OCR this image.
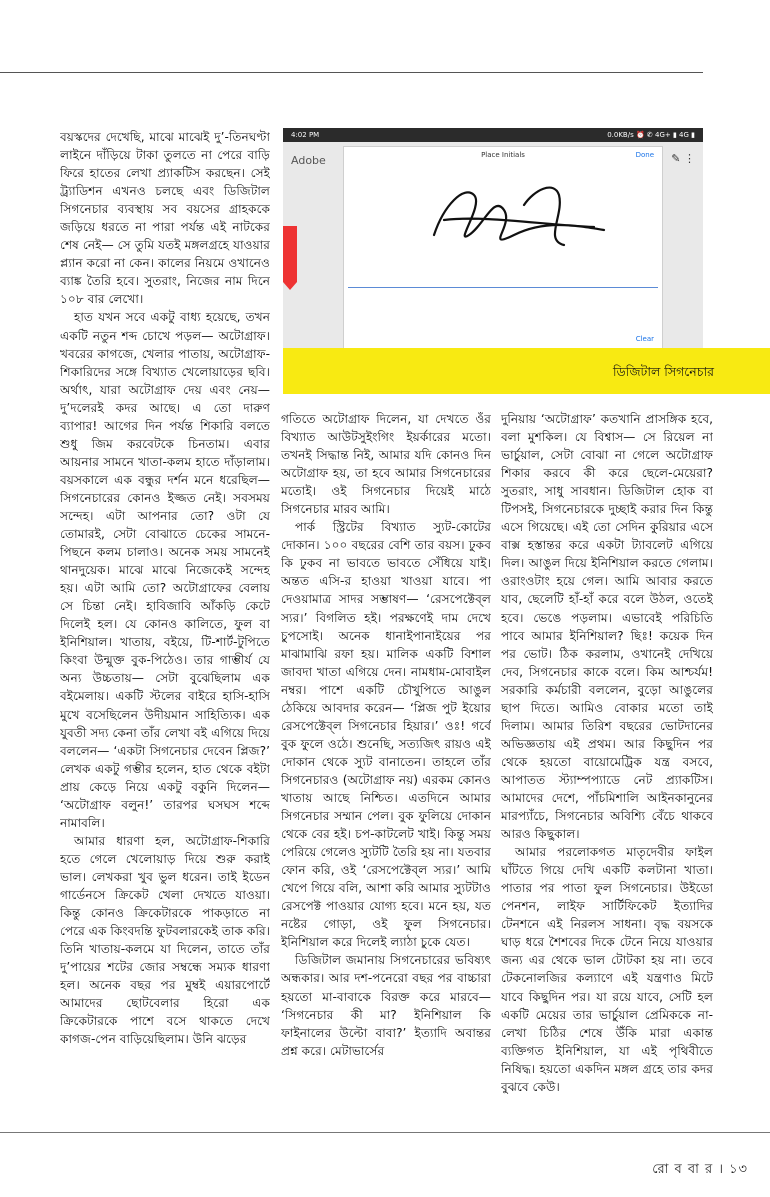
বয়স্কদের দেখেছি, মাঝে মাঝেই দু’-তিনঘণ্টা লাইনে দাঁড়িয়ে টাকা তুলতে না পেরে বাড়ি ফিরে হাতের লেখা প্র্যাকটিস করছেন। সেই ট্র্যাডিশন এখনও চলছে এবং ডিজিটাল সিগনেচার ব্যবস্থায় সব বয়সের গ্রাহককে জড়িয়ে ধরতে না পারা পর্যন্ত এই নাটকের শেষ নেই— সে তুমি যতই মঙ্গলগ্রহে যাওয়ার প্ল্যান করো না কেন। কালের নিয়মে ওখানেও ব্যাঙ্ক তৈরি হবে। সুতরাং, নিজের নাম দিনে ১০৮ বার লেখো।

হাত যখন সবে একটু বাধ্য হয়েছে, তখন একটি নতুন শব্দ চোখে পড়ল— অটোগ্রাফ। খবরের কাগজে, খেলার পাতায়, অটোগ্রাফ-শিকারিদের সঙ্গে বিখ্যাত খেলোয়াড়ের ছবি। অর্থাৎ, যারা অটোগ্রাফ দেয় এবং নেয়— দু’দলেরই কদর আছে। এ তো দারুণ ব্যাপার! আগের দিন পর্যন্ত শিকারি বলতে শুধু জিম করবেটকে চিনতাম। এবার আয়নার সামনে খাতা-কলম হাতে দাঁড়ালাম। বয়সকালে এক বন্ধুর দর্শন মনে ধরেছিল— সিগনেচারের কোনও ইজ্জত নেই। সবসময় সন্দেহ। এটা আপনার তো? ওটা যে তোমারই, সেটা বোঝাতে চেকের সামনে-পিছনে কলম চালাও। অনেক সময় সামনেই থানদুয়েক। মাঝে মাঝে নিজেকেই সন্দেহ হয়। এটা আমি তো? অটোগ্রাফের বেলায় সে চিন্তা নেই। হাবিজাবি আঁকড়ি কেটে দিলেই হল। যে কোনও কালিতে, ফুল বা ইনিশিয়াল। খাতায়, বইয়ে, টি-শার্ট-টুপিতে কিংবা উন্মুক্ত বুক-পিঠেও। তার গাম্ভীর্য যে অন্য উচ্চতায়— সেটা বুঝেছিলাম এক বইমেলায়। একটি স্টলের বাইরে হাসি-হাসি মুখে বসেছিলেন উদীয়মান সাহিত্যিক। এক যুবতী সদ্য কেনা তাঁর লেখা বই এগিয়ে দিয়ে বললেন— ‘একটা সিগনেচার দেবেন প্লিজ?’ লেখক একটু গম্ভীর হলেন, হাত থেকে বইটা প্রায় কেড়ে নিয়ে একটু বকুনি দিলেন— ‘অটোগ্রাফ বলুন!’ তারপর ঘসঘস শব্দে নামাবলি।

আমার ধারণা হল, অটোগ্রাফ-শিকারি হতে গেলে খেলোয়াড় দিয়ে শুরু করাই ভাল। লেখকরা খুব ভুল ধরেন। তাই ইডেন গার্ডেনসে ক্রিকেট খেলা দেখতে যাওয়া। কিন্তু কোনও ক্রিকেটারকে পাকড়াতে না পেরে এক কিংবদন্তি ফুটবলারকেই তাক করি। তিনি খাতায়-কলমে যা দিলেন, তাতে তাঁর দু’পায়ের শটের জোর সম্বন্ধে সম্যক ধারণা হল। অনেক বছর পর মুম্বই এয়ারপোর্টে আমাদের ছোটবেলার হিরো এক ক্রিকেটারকে পাশে বসে থাকতে দেখে কাগজ-পেন বাড়িয়েছিলাম। উনি ঝড়ের

4:02 PM	0.0KB/s ⏰ ✆ 4G+ ▮ 4G ▮
Adobe	✎ ⋮
Place Initials	Done
Clear
ডিজিটাল সিগনেচার

গতিতে অটোগ্রাফ দিলেন, যা দেখতে ওঁর বিখ্যাত আউটসুইংগিং ইয়র্কারের মতো। তখনই সিদ্ধান্ত নিই, আমার যদি কোনও দিন অটোগ্রাফ হয়, তা হবে আমার সিগনেচারের মতোই। ওই সিগনেচার দিয়েই মাঠে সিগনেচার মারব আমি।

পার্ক স্ট্রিটের বিখ্যাত স্যুট-কোটের দোকান। ১০০ বছরের বেশি তার বয়স। ঢুকব কি ঢুকব না ভাবতে ভাবতে সেঁধিয়ে যাই। অন্তত এসি-র হাওয়া খাওয়া যাবে। পা দেওয়ামাত্র সাদর সম্ভাষণ— ‘রেসপেক্টেব্‌ল স্যর।’ বিগলিত হই। পরক্ষণেই দাম দেখে চুপসোই। অনেক ধানাইপানাইয়ের পর মাঝামাঝি রফা হয়। মালিক একটি বিশাল জাবদা খাতা এগিয়ে দেন। নামধাম-মোবাইল নম্বর। পাশে একটি চৌখুপিতে আঙুল ঠেকিয়ে আবদার করেন— ‘প্লিজ পুট ইয়োর রেসপেক্টেব্‌ল সিগনেচার হিয়ার।’ ওঃ! গর্বে বুক ফুলে ওঠে। শুনেছি, সত্যজিৎ রায়ও এই দোকান থেকে স্যুট বানাতেন। তাহলে তাঁর সিগনেচারও (অটোগ্রাফ নয়) এরকম কোনও খাতায় আছে নিশ্চিত। এতদিনে আমার সিগনেচার সম্মান পেল। বুক ফুলিয়ে দোকান থেকে বের হই। চপ-কাটলেট খাই। কিন্তু সময় পেরিয়ে গেলেও স্যুটটি তৈরি হয় না। যতবার ফোন করি, ওই ‘রেসপেক্টেব্‌ল স্যর।’ আমি খেপে গিয়ে বলি, আশা করি আমার স্যুটটাও রেসপেক্ট পাওয়ার যোগ্য হবে। মনে হয়, যত নষ্টের গোড়া, ওই ফুল সিগনেচার। ইনিশিয়াল করে দিলেই ল্যাঠা চুকে যেত।

ডিজিটাল জমানায় সিগনেচারের ভবিষ্যৎ অন্ধকার। আর দশ-পনেরো বছর পর বাচ্চারা হয়তো মা-বাবাকে বিরক্ত করে মারবে— ‘সিগনেচার কী মা? ইনিশিয়াল কি ফাইনালের উল্টো বাবা?’ ইত্যাদি অবান্তর প্রশ্ন করে। মেটাভার্সের

দুনিয়ায় ‘অটোগ্রাফ’ কতখানি প্রাসঙ্গিক হবে, বলা মুশকিল। যে বিশ্বাস— সে রিয়েল না ভার্চুয়াল, সেটা বোঝা না গেলে অটোগ্রাফ শিকার করবে কী করে ছেলে-মেয়েরা? সুতরাং, সাধু সাবধান। ডিজিটাল হোক বা টিপসই, সিগনেচারকে দুচ্ছাই করার দিন কিন্তু এসে গিয়েছে। এই তো সেদিন কুরিয়ার এসে বাক্স হস্তান্তর করে একটা ট্যাবলেট এগিয়ে দিল। আঙুল দিয়ে ইনিশিয়াল করতে গেলাম। ওরাংওটাং হয়ে গেল। আমি আবার করতে যাব, ছেলেটি হাঁ-হাঁ করে বলে উঠল, ওতেই হবে। ভেঙে পড়লাম। এভাবেই পরিচিতি পাবে আমার ইনিশিয়াল? ছিঃ! কয়েক দিন পর ভোট। ঠিক করলাম, ওখানেই দেখিয়ে দেব, সিগনেচার কাকে বলে। কিম আশ্চর্যম! সরকারি কর্মচারী বললেন, বুড়ো আঙুলের ছাপ দিতে। আমিও বোকার মতো তাই দিলাম। আমার তিরিশ বছরের ভোটদানের অভিজ্ঞতায় এই প্রথম। আর কিছুদিন পর থেকে হয়তো বায়োমেট্রিক যন্ত্র বসবে, আপাতত স্ট্যাম্পপ্যাডে নেট প্র্যাকটিস। আমাদের দেশে, পাঁচমিশালি আইনকানুনের মারপ্যাঁচে, সিগনেচার অবিশ্যি বেঁচে থাকবে আরও কিছুকাল।

আমার পরলোকগত মাতৃদেবীর ফাইল ঘাঁটতে গিয়ে দেখি একটি কলটানা খাতা। পাতার পর পাতা ফুল সিগনেচার। উইডো পেনশন, লাইফ সার্টিফিকেট ইত্যাদির টেনশনে এই নিরলস সাধনা। বৃদ্ধ বয়সকে ঘাড় ধরে শৈশবের দিকে টেনে নিয়ে যাওয়ার জন্য এর থেকে ভাল টোটকা হয় না। তবে টেকনোলজির কল্যাণে এই যন্ত্রণাও মিটে যাবে কিছুদিন পর। যা রয়ে যাবে, সেটি হল একটি মেয়ের তার ভার্চুয়াল প্রেমিককে না-লেখা চিঠির শেষে উঁকি মারা একান্ত ব্যক্তিগত ইনিশিয়াল, যা এই পৃথিবীতে নিষিদ্ধ। হয়তো একদিন মঙ্গল গ্রহে তার কদর বুঝবে কেউ।

রো ব বা র । ১৩
